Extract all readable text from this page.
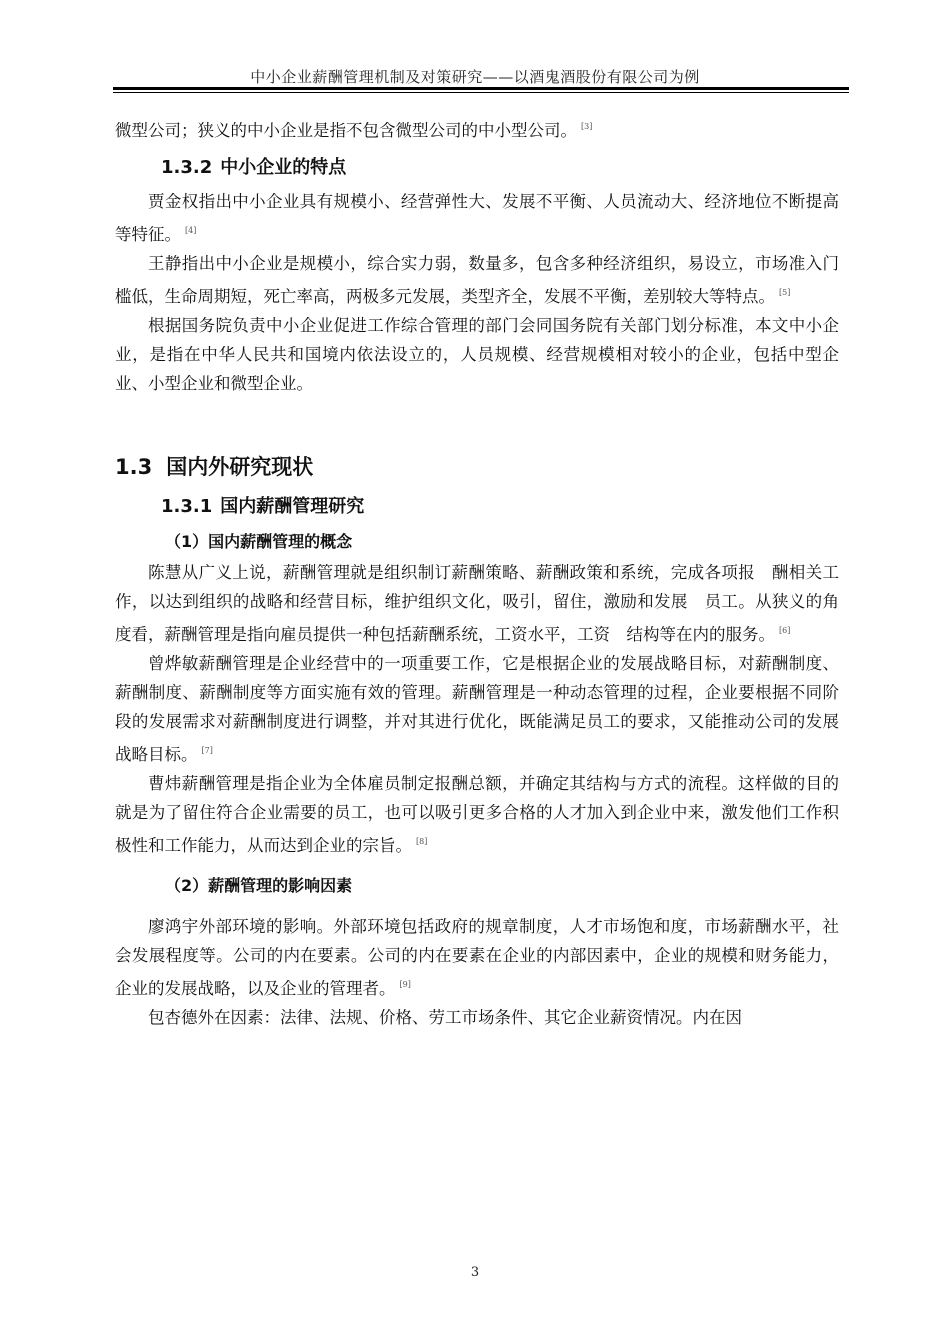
中小企业薪酬管理机制及对策研究——以酒鬼酒股份有限公司为例

微型公司；狭义的中小企业是指不包含微型公司的中小型公司。 [3]

1.3.2 中小企业的特点

贾金权指出中小企业具有规模小、经营弹性大、发展不平衡、人员流动大、经济地位不断提高等特征。 [4]

王静指出中小企业是规模小，综合实力弱，数量多，包含多种经济组织，易设立，市场准入门槛低，生命周期短，死亡率高，两极多元发展，类型齐全，发展不平衡，差别较大等特点。 [5]

根据国务院负责中小企业促进工作综合管理的部门会同国务院有关部门划分标准，本文中小企业，是指在中华人民共和国境内依法设立的，人员规模、经营规模相对较小的企业，包括中型企业、小型企业和微型企业。

1.3 国内外研究现状
1.3.1 国内薪酬管理研究
（1）国内薪酬管理的概念

陈慧从广义上说，薪酬管理就是组织制订薪酬策略、薪酬政策和系统，完成各项报　酬相关工作，以达到组织的战略和经营目标，维护组织文化，吸引，留住，激励和发展　员工。从狭义的角度看，薪酬管理是指向雇员提供一种包括薪酬系统，工资水平，工资　结构等在内的服务。 [6]

曾烨敏薪酬管理是企业经营中的一项重要工作，它是根据企业的发展战略目标，对薪酬制度、薪酬制度、薪酬制度等方面实施有效的管理。薪酬管理是一种动态管理的过程，企业要根据不同阶段的发展需求对薪酬制度进行调整，并对其进行优化，既能满足员工的要求，又能推动公司的发展战略目标。 [7]

曹炜薪酬管理是指企业为全体雇员制定报酬总额，并确定其结构与方式的流程。这样做的目的就是为了留住符合企业需要的员工，也可以吸引更多合格的人才加入到企业中来，激发他们工作积极性和工作能力，从而达到企业的宗旨。 [8]

（2）薪酬管理的影响因素

廖鸿宇外部环境的影响。外部环境包括政府的规章制度，人才市场饱和度，市场薪酬水平，社会发展程度等。公司的内在要素。公司的内在要素在企业的内部因素中，企业的规模和财务能力，企业的发展战略，以及企业的管理者。 [9]

包杏德外在因素：法律、法规、价格、劳工市场条件、其它企业薪资情况。内在因

3
